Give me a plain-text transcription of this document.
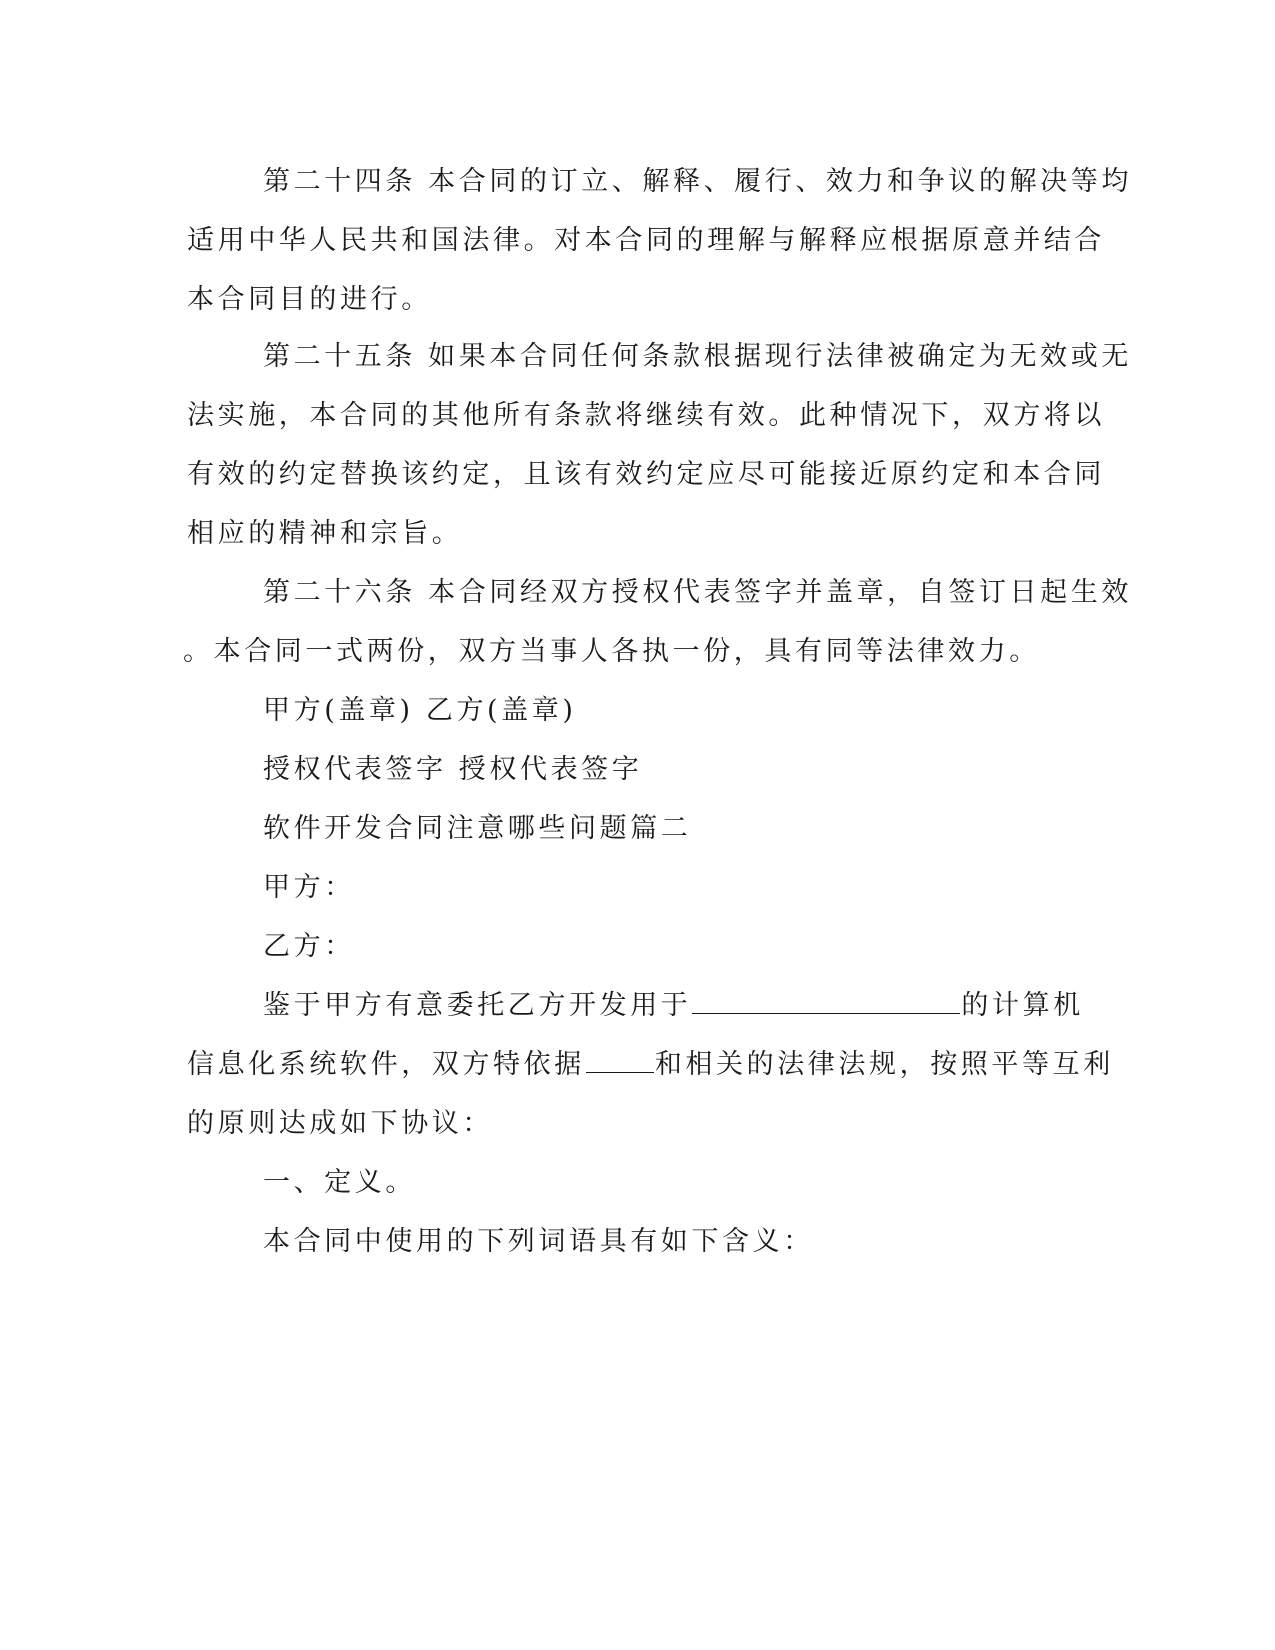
第二十四条 本合同的订立、解释、履行、效力和争议的解决等均
适用中华人民共和国法律。对本合同的理解与解释应根据原意并结合
本合同目的进行。
第二十五条 如果本合同任何条款根据现行法律被确定为无效或无
法实施，本合同的其他所有条款将继续有效。此种情况下，双方将以
有效的约定替换该约定，且该有效约定应尽可能接近原约定和本合同
相应的精神和宗旨。
第二十六条 本合同经双方授权代表签字并盖章，自签订日起生效
。本合同一式两份，双方当事人各执一份，具有同等法律效力。
甲方(盖章) 乙方(盖章)
授权代表签字 授权代表签字
软件开发合同注意哪些问题篇二
甲方：
乙方：
鉴于甲方有意委托乙方开发用于	的计算机
信息化系统软件，双方特依据	和相关的法律法规，按照平等互利
的原则达成如下协议：
一、定义。
本合同中使用的下列词语具有如下含义：
